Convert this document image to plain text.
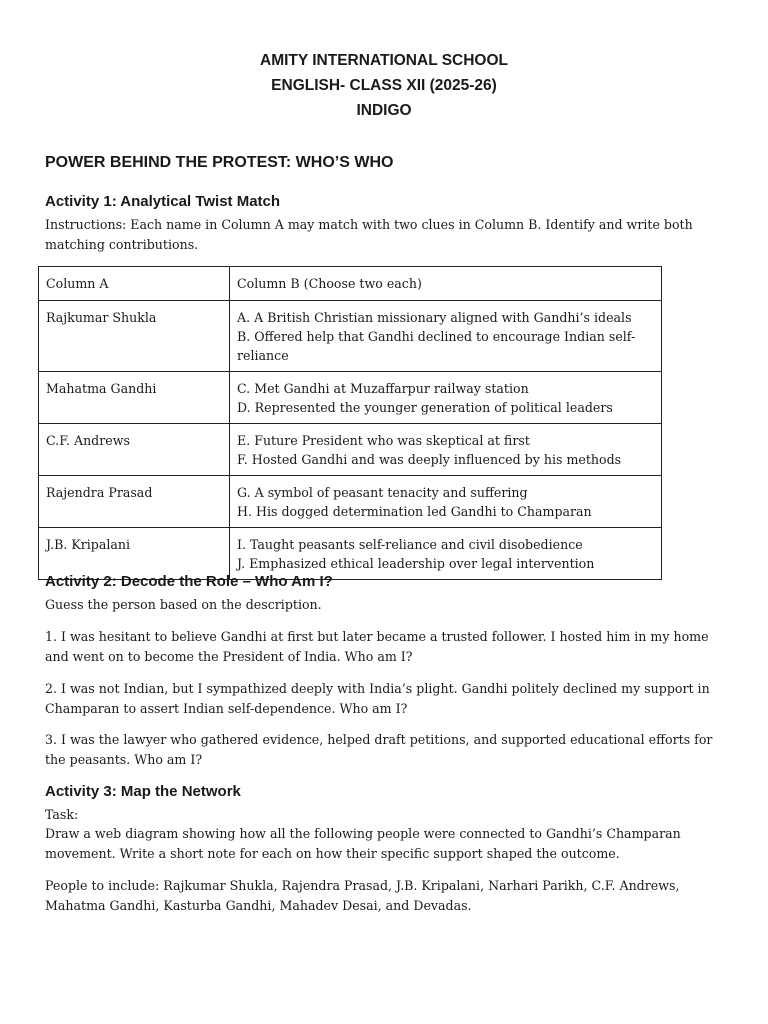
AMITY INTERNATIONAL SCHOOL
ENGLISH- CLASS XII (2025-26)
INDIGO
POWER BEHIND THE PROTEST: WHO’S WHO
Activity 1: Analytical Twist Match
Instructions: Each name in Column A may match with two clues in Column B. Identify and write both matching contributions.
Column A	Column B (Choose two each)
Rajkumar Shukla	A. A British Christian missionary aligned with Gandhi’s ideals
B. Offered help that Gandhi declined to encourage Indian self-reliance

Mahatma Gandhi	C. Met Gandhi at Muzaffarpur railway station
D. Represented the younger generation of political leaders

C.F. Andrews	E. Future President who was skeptical at first
F. Hosted Gandhi and was deeply influenced by his methods

Rajendra Prasad	G. A symbol of peasant tenacity and suffering
H. His dogged determination led Gandhi to Champaran

J.B. Kripalani	I. Taught peasants self-reliance and civil disobedience
J. Emphasized ethical leadership over legal intervention
Activity 2: Decode the Role – Who Am I?
Guess the person based on the description.
1. I was hesitant to believe Gandhi at first but later became a trusted follower. I hosted him in my home and went on to become the President of India. Who am I?
2. I was not Indian, but I sympathized deeply with India’s plight. Gandhi politely declined my support in Champaran to assert Indian self-dependence. Who am I?
3. I was the lawyer who gathered evidence, helped draft petitions, and supported educational efforts for the peasants. Who am I?
Activity 3: Map the Network
Task:
Draw a web diagram showing how all the following people were connected to Gandhi’s Champaran movement. Write a short note for each on how their specific support shaped the outcome.
People to include: Rajkumar Shukla, Rajendra Prasad, J.B. Kripalani, Narhari Parikh, C.F. Andrews, Mahatma Gandhi, Kasturba Gandhi, Mahadev Desai, and Devadas.
